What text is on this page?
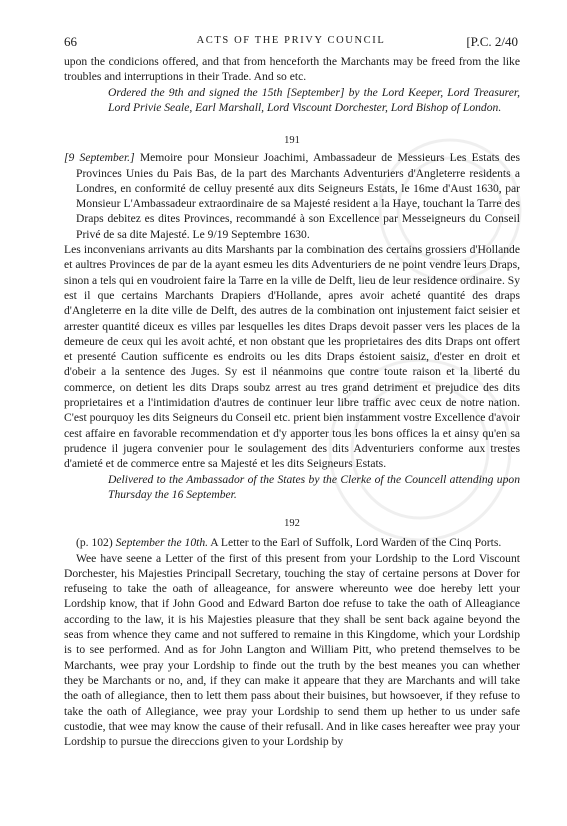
66	ACTS OF THE PRIVY COUNCIL	[P.C. 2/40

upon the condicions offered, and that from henceforth the Marchants may be freed from the like troubles and interruptions in their Trade. And so etc.

Ordered the 9th and signed the 15th [September] by the Lord Keeper, Lord Treasurer, Lord Privie Seale, Earl Marshall, Lord Viscount Dorchester, Lord Bishop of London.

191

[9 September.] Memoire pour Monsieur Joachimi, Ambassadeur de Messieurs Les Estats des Provinces Unies du Pais Bas, de la part des Marchants Adventuriers d'Angleterre residents a Londres, en conformité de celluy presenté aux dits Seigneurs Estats, le 16me d'Aust 1630, par Monsieur L'Ambassadeur extraordinaire de sa Majesté resident a la Haye, touchant la Tarre des Draps debitez es dites Provinces, recommandé à son Excellence par Messeigneurs du Conseil Privé de sa dite Majesté. Le 9/19 Septembre 1630.

Les inconvenians arrivants au dits Marshants par la combination des certains grossiers d'Hollande et aultres Provinces de par de la ayant esmeu les dits Adventuriers de ne point vendre leurs Draps, sinon a tels qui en voudroient faire la Tarre en la ville de Delft, lieu de leur residence ordinaire. Sy est il que certains Marchants Drapiers d'Hollande, apres avoir acheté quantité des draps d'Angleterre en la dite ville de Delft, des autres de la combination ont injustement faict seisier et arrester quantité diceux es villes par lesquelles les dites Draps devoit passer vers les places de la demeure de ceux qui les avoit achté, et non obstant que les proprietaires des dits Draps ont offert et presenté Caution sufficente es endroits ou les dits Draps éstoient saisiz, d'ester en droit et d'obeir a la sentence des Juges. Sy est il néanmoins que contre toute raison et la liberté du commerce, on detient les dits Draps soubz arrest au tres grand detriment et prejudice des dits proprietaires et a l'intimidation d'autres de continuer leur libre traffic avec ceux de notre nation. C'est pourquoy les dits Seigneurs du Conseil etc. prient bien instamment vostre Excellence d'avoir cest affaire en favorable recommendation et d'y apporter tous les bons offices la et ainsy qu'en sa prudence il jugera convenier pour le soulagement des dits Adventuriers conforme aux trestes d'amieté et de commerce entre sa Majesté et les dits Seigneurs Estats.

Delivered to the Ambassador of the States by the Clerke of the Councell attending upon Thursday the 16 September.

192

(p. 102) September the 10th. A Letter to the Earl of Suffolk, Lord Warden of the Cinq Ports.

Wee have seene a Letter of the first of this present from your Lordship to the Lord Viscount Dorchester, his Majesties Principall Secretary, touching the stay of certaine persons at Dover for refuseing to take the oath of alleageance, for answere whereunto wee doe hereby lett your Lordship know, that if John Good and Edward Barton doe refuse to take the oath of Alleagiance according to the law, it is his Majesties pleasure that they shall be sent back againe beyond the seas from whence they came and not suffered to remaine in this Kingdome, which your Lordship is to see performed. And as for John Langton and William Pitt, who pretend themselves to be Marchants, wee pray your Lordship to finde out the truth by the best meanes you can whether they be Marchants or no, and, if they can make it appeare that they are Marchants and will take the oath of allegiance, then to lett them pass about their buisines, but howsoever, if they refuse to take the oath of Allegiance, wee pray your Lordship to send them up hether to us under safe custodie, that wee may know the cause of their refusall. And in like cases hereafter wee pray your Lordship to pursue the direccions given to your Lordship by
